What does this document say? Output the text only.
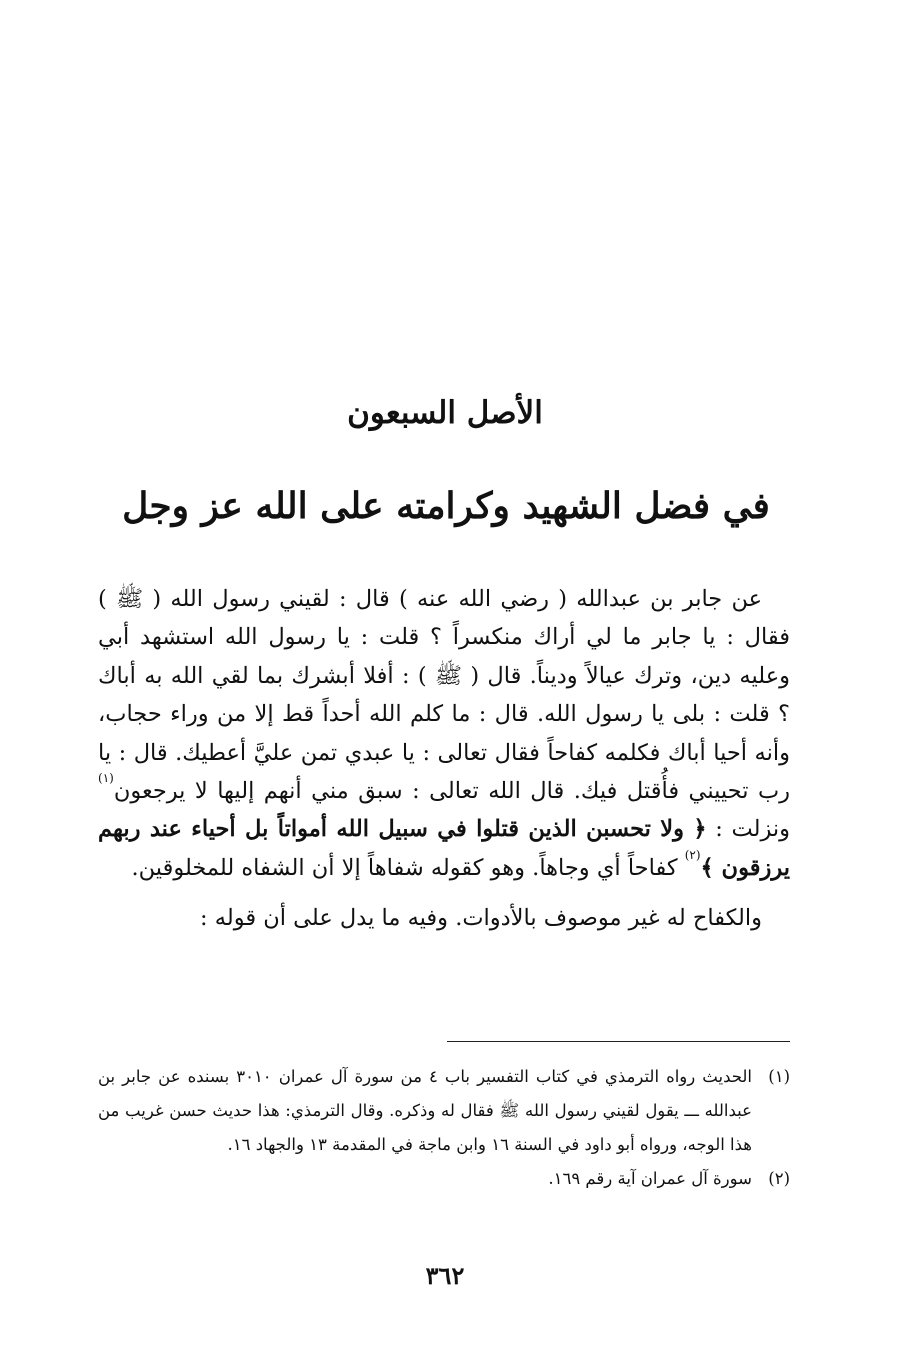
الأصل السبعون
في فضل الشهيد وكرامته على الله عز وجل

عن جابر بن عبدالله ( رضي الله عنه ) قال : لقيني رسول الله ( ﷺ ) فقال : يا جابر ما لي أراك منكسراً ؟ قلت : يا رسول الله استشهد أبي وعليه دين، وترك عيالاً وديناً. قال ( ﷺ ) : أفلا أبشرك بما لقي الله به أباك ؟ قلت : بلى يا رسول الله. قال : ما كلم الله أحداً قط إلا من وراء حجاب، وأنه أحيا أباك فكلمه كفاحاً فقال تعالى : يا عبدي تمن عليَّ أعطيك. قال : يا رب تحييني فأُقتل فيك. قال الله تعالى : سبق مني أنهم إليها لا يرجعون$^{(١)}$ ونزلت : ﴿ ولا تحسبن الذين قتلوا في سبيل الله أمواتاً بل أحياء عند ربهم يرزقون ﴾$^{(٢)}$ كفاحاً أي وجاهاً. وهو كقوله شفاهاً إلا أن الشفاه للمخلوقين.

والكفاح له غير موصوف بالأدوات. وفيه ما يدل على أن قوله :

(١)
الحديث رواه الترمذي في كتاب التفسير باب ٤ من سورة آل عمران ٣٠١٠ بسنده عن جابر بن عبدالله ـــ يقول لقيني رسول الله ﷺ فقال له وذكره. وقال الترمذي: هذا حديث حسن غريب من هذا الوجه، ورواه أبو داود في السنة ١٦ وابن ماجة في المقدمة ١٣ والجهاد ١٦.
(٢)
سورة آل عمران آية رقم ١٦٩.
٣٦٢
